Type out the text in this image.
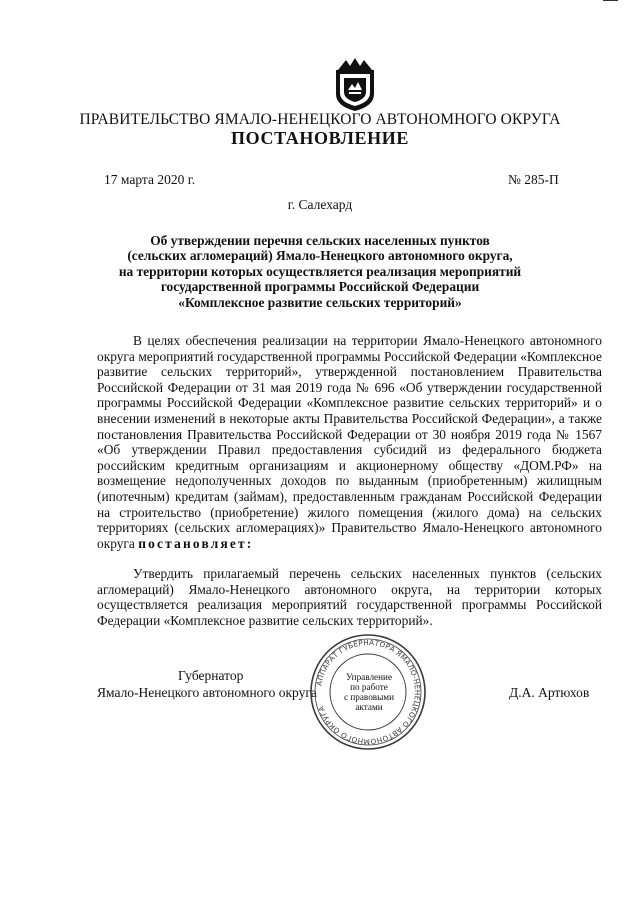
ПРАВИТЕЛЬСТВО ЯМАЛО-НЕНЕЦКОГО АВТОНОМНОГО ОКРУГА
ПОСТАНОВЛЕНИЕ
17 марта 2020 г.	№ 285-П
г. Салехард
Об утверждении перечня сельских населенных пунктов
(сельских агломераций) Ямало-Ненецкого автономного округа,
на территории которых осуществляется реализация мероприятий
государственной программы Российской Федерации
«Комплексное развитие сельских территорий»

В целях обеспечения реализации на территории Ямало-Ненецкого автономного округа мероприятий государственной программы Российской Федерации «Комплексное развитие сельских территорий», утвержденной постановлением Правительства Российской Федерации от 31 мая 2019 года № 696 «Об утверждении государственной программы Российской Федерации «Комплексное развитие сельских территорий» и о внесении изменений в некоторые акты Правительства Российской Федерации», а также постановления Правительства Российской Федерации от 30 ноября 2019 года № 1567 «Об утверждении Правил предоставления субсидий из федерального бюджета российским кредитным организациям и акционерному обществу «ДОМ.РФ» на возмещение недополученных доходов по выданным (приобретенным) жилищным (ипотечным) кредитам (займам), предоставленным гражданам Российской Федерации на строительство (приобретение) жилого помещения (жилого дома) на сельских территориях (сельских агломерациях)» Правительство Ямало-Ненецкого автономного округа постановляет:

Утвердить прилагаемый перечень сельских населенных пунктов (сельских агломераций) Ямало-Ненецкого автономного округа, на территории которых осуществляется реализация мероприятий государственной программы Российской Федерации «Комплексное развитие сельских территорий».

Губернатор
Ямало-Ненецкого автономного округа	Д.А. Артюхов
АППАРАТ ГУБЕРНАТОРА ЯМАЛО-НЕНЕЦКОГО АВТОНОМНОГО ОКРУГА
Управление
по работе
с правовыми
актами
